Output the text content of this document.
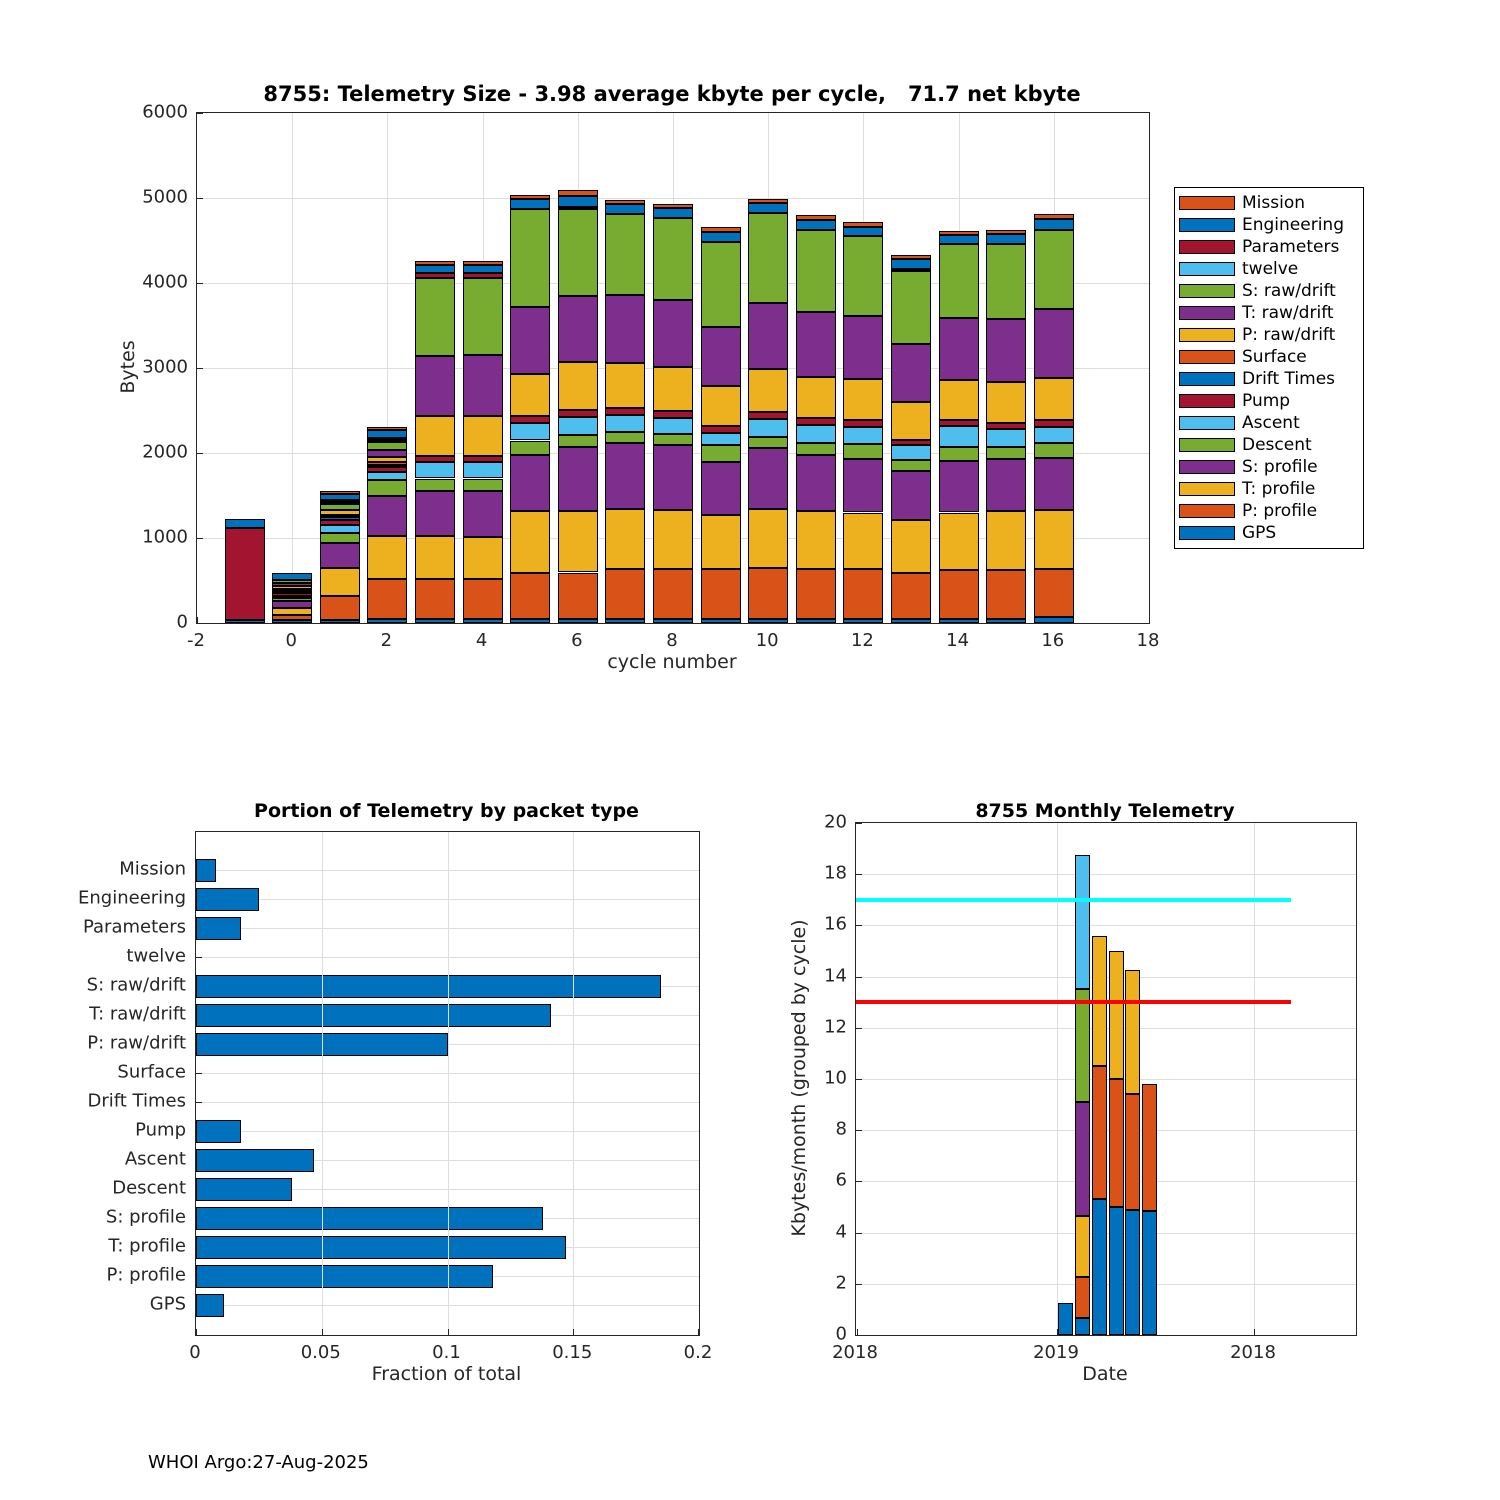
8755: Telemetry Size - 3.98 average kbyte per cycle,   71.7 net kbyte
Bytes
cycle number
Mission
Engineering
Parameters
twelve
S: raw/drift
T: raw/drift
P: raw/drift
Surface
Drift Times
Pump
Ascent
Descent
S: profile
T: profile
P: profile
GPS
Portion of Telemetry by packet type
Fraction of total
8755 Monthly Telemetry
Kbytes/month (grouped by cycle)
Date
WHOI Argo:27-Aug-2025
-2	0	2	4	6	8	10	12	14	16	18
0
1000
2000
3000
4000
5000
6000
Mission
Engineering
Parameters
twelve
S: raw/drift
T: raw/drift
P: raw/drift
Surface
Drift Times
Pump
Ascent
Descent
S: profile
T: profile
P: profile
GPS
0	0.05	0.1	0.15	0.2
0
2
4
6
8
10
12
14
16
18
20
2018	2019	2018
